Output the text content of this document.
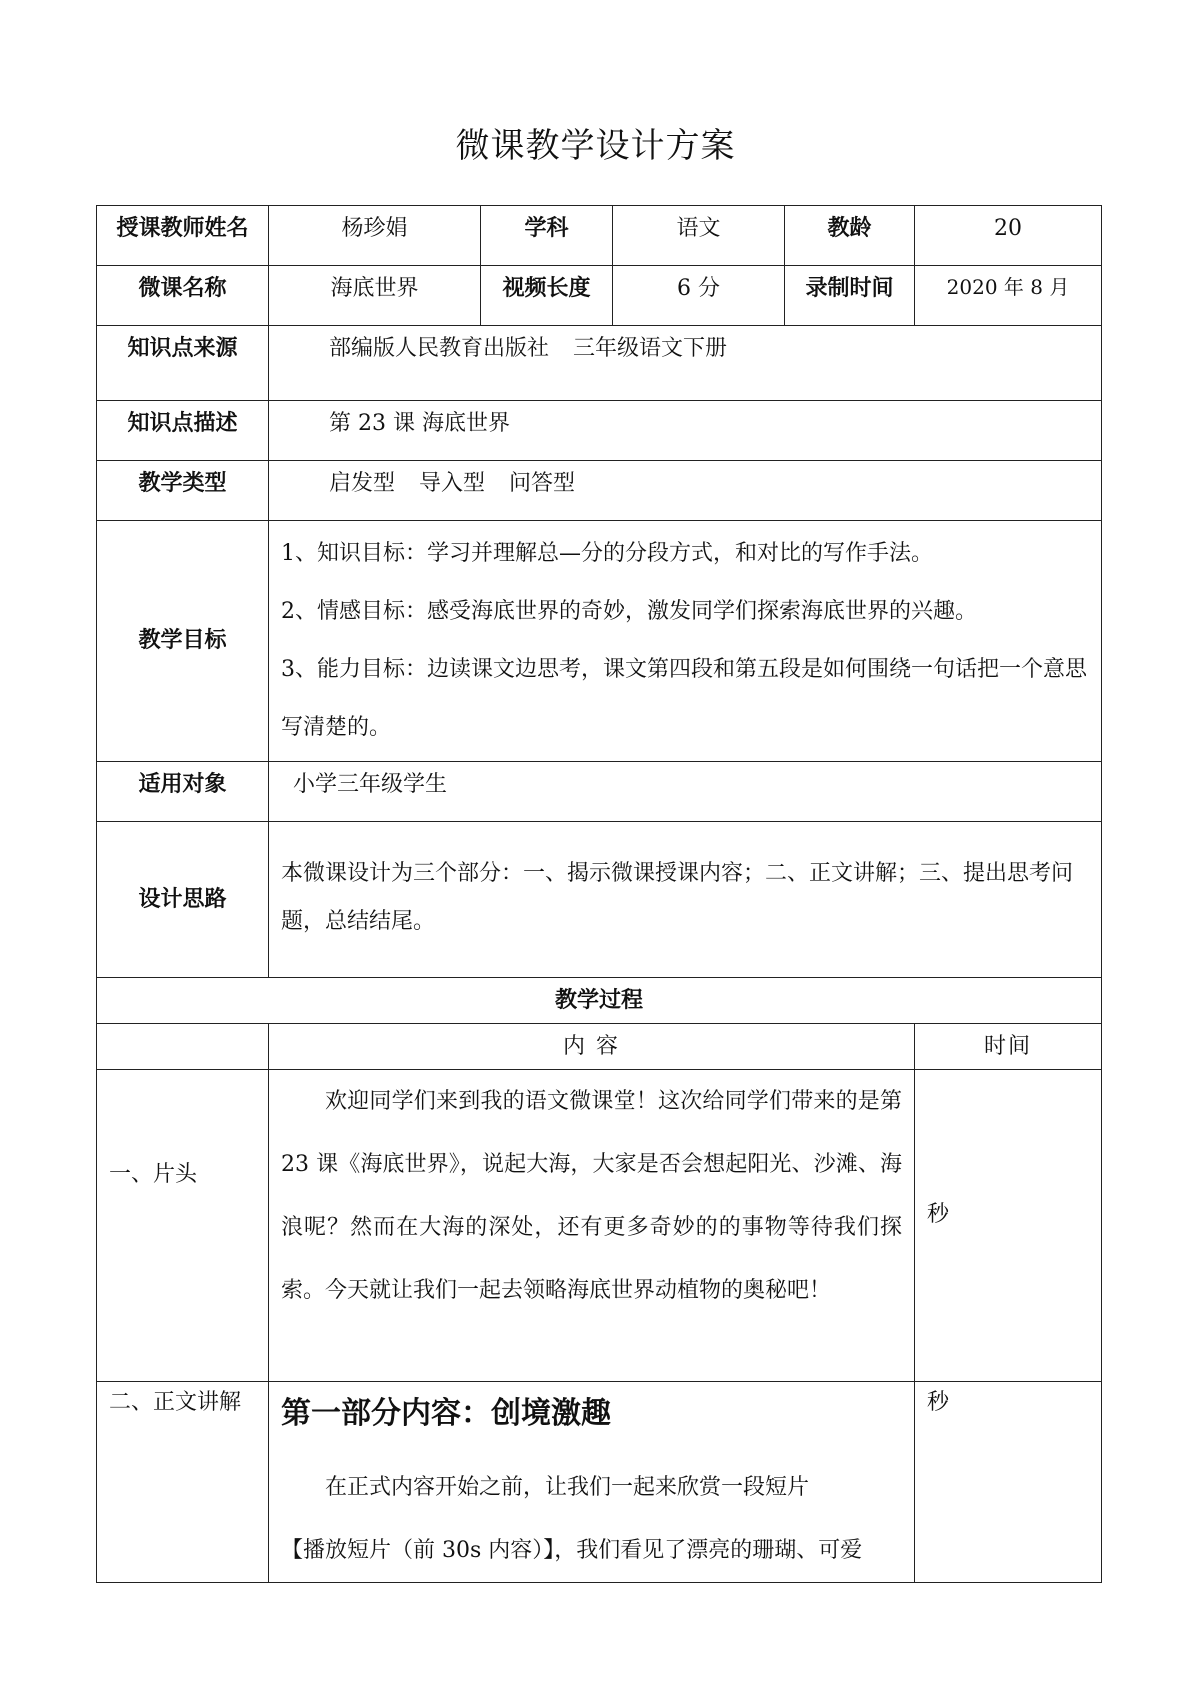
微课教学设计方案
授课教师姓名	杨珍娟	学科	语文	教龄	20
微课名称	海底世界	视频长度	6 分	录制时间	2020 年 8 月
知识点来源	部编版人民教育出版社 三年级语文下册				
知识点描述	第 23 课 海底世界				
教学类型	启发型 导入型 问答型				
教学目标	1、知识目标：学习并理解总—分的分段方式，和对比的写作手法。

2、情感目标：感受海底世界的奇妙，激发同学们探索海底世界的兴趣。

3、能力目标：边读课文边思考，课文第四段和第五段是如何围绕一句话把一个意思写清楚的。				

适用对象	小学三年级学生				
设计思路	本微课设计为三个部分：一、揭示微课授课内容；二、正文讲解；三、提出思考问题，总结结尾。				

教学过程					
	内 容				时间
一、片头	欢迎同学们来到我的语文微课堂！这次给同学们带来的是第 23 课《海底世界》，说起大海，大家是否会想起阳光、沙滩、海浪呢？然而在大海的深处，还有更多奇妙的的事物等待我们探索。今天就让我们一起去领略海底世界动植物的奥秘吧！				秒
二、正文讲解	第一部分内容：创境激趣

在正式内容开始之前，让我们一起来欣赏一段短片

【播放短片（前 30s 内容）】，我们看见了漂亮的珊瑚、可爱				秒
